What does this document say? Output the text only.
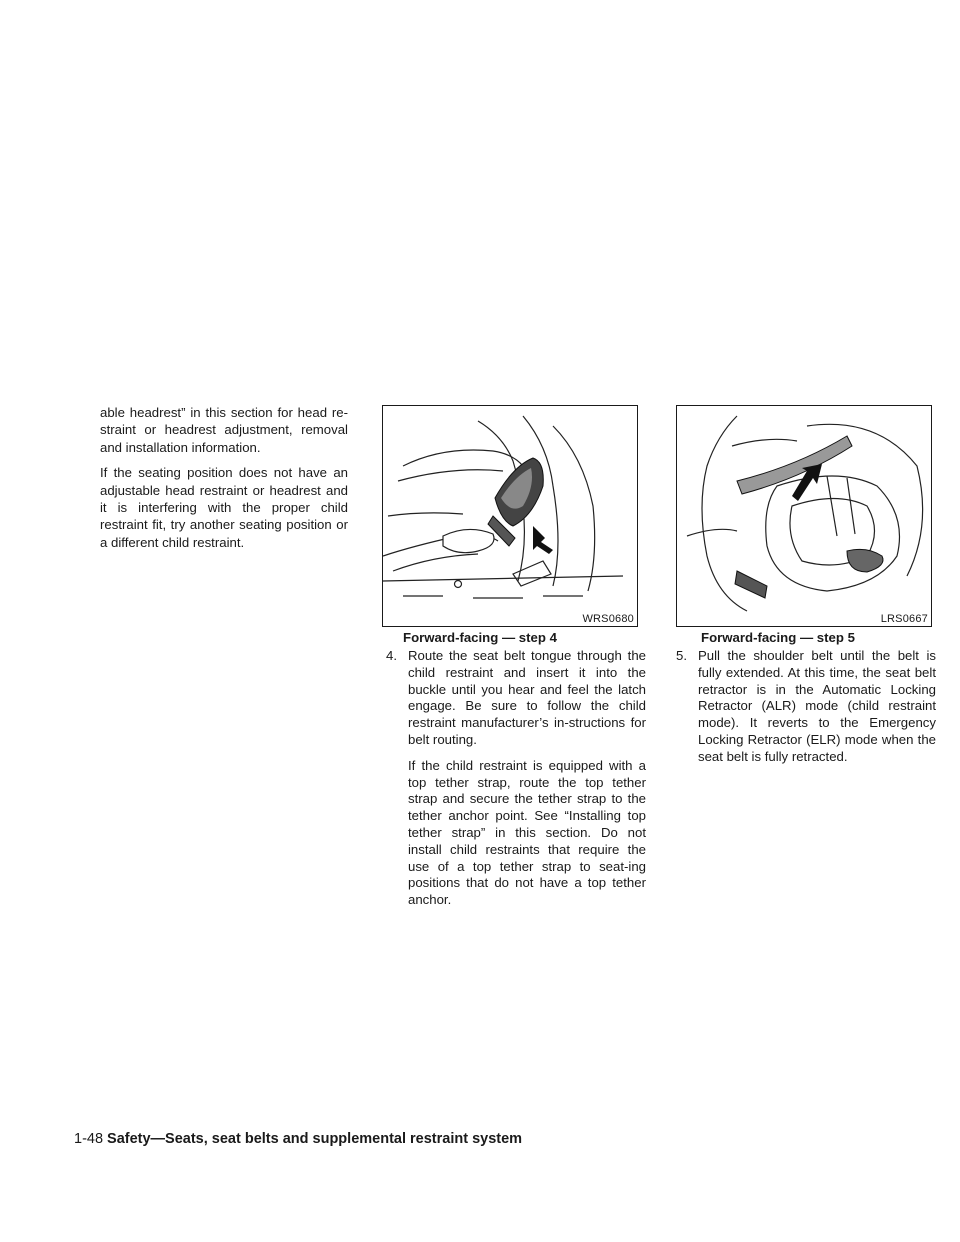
able headrest” in this section for head re-straint or headrest adjustment, removal and installation information.

If the seating position does not have an adjustable head restraint or headrest and it is interfering with the proper child restraint fit, try another seating position or a different child restraint.

WRS0680
Forward-facing — step 4
LRS0667
Forward-facing — step 5
4. Route the seat belt tongue through the child restraint and insert it into the buckle until you hear and feel the latch engage. Be sure to follow the child restraint manufacturer’s in-structions for belt routing.

If the child restraint is equipped with a top tether strap, route the top tether strap and secure the tether strap to the tether anchor point. See “Installing top tether strap” in this section. Do not install child restraints that require the use of a top tether strap to seat-ing positions that do not have a top tether anchor.

5. Pull the shoulder belt until the belt is fully extended. At this time, the seat belt retractor is in the Automatic Locking Retractor (ALR) mode (child restraint mode). It reverts to the Emergency Locking Retractor (ELR) mode when the seat belt is fully retracted.

1-48 Safety—Seats, seat belts and supplemental restraint system
